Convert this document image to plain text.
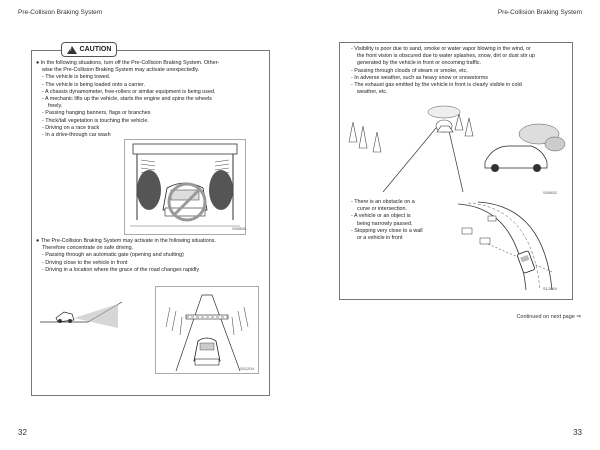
Pre-Collision Braking System	Pre-Collision Braking System
!
CAUTION
● In the following situations, turn off the Pre-Collision Braking System. Other-
wise the Pre-Collision Braking System may activate unexpectedly.
- The vehicle is being towed.
- The vehicle is being loaded onto a carrier.
- A chassis dynamometer, free-rollers or similar equipment is being used.
- A mechanic lifts up the vehicle, starts the engine and spins the wheels
freely.
- Passing hanging banners, flags or branches
- Thick/tall vegetation is touching the vehicle.
- Driving on a race track
- In a drive-through car wash
S00656
● The Pre-Collision Braking System may activate in the following situations.
Therefore concentrate on safe driving.
- Passing through an automatic gate (opening and shutting)
- Driving close to the vehicle in front
- Driving in a location where the grace of the road changes rapidly
S01204
32
- Visibility is poor due to sand, smoke or water vapor blowing in the wind, or
the front vision is obscured due to water splashes, snow, dirt or dust stir up
generated by the vehicle in front or oncoming traffic.
- Passing through clouds of steam or smoke, etc.
- In adverse weather, such as heavy snow or snowstorms
- The exhaust gas emitted by the vehicle in front is clearly visible in cold
weather, etc.
S00652
- There is an obstacle on a
curve or intersection.
- A vehicle or an object is
being narrowly passed.
- Stopping very close to a wall
or a vehicle in front
S12869
Continued on next page ⇒
33
